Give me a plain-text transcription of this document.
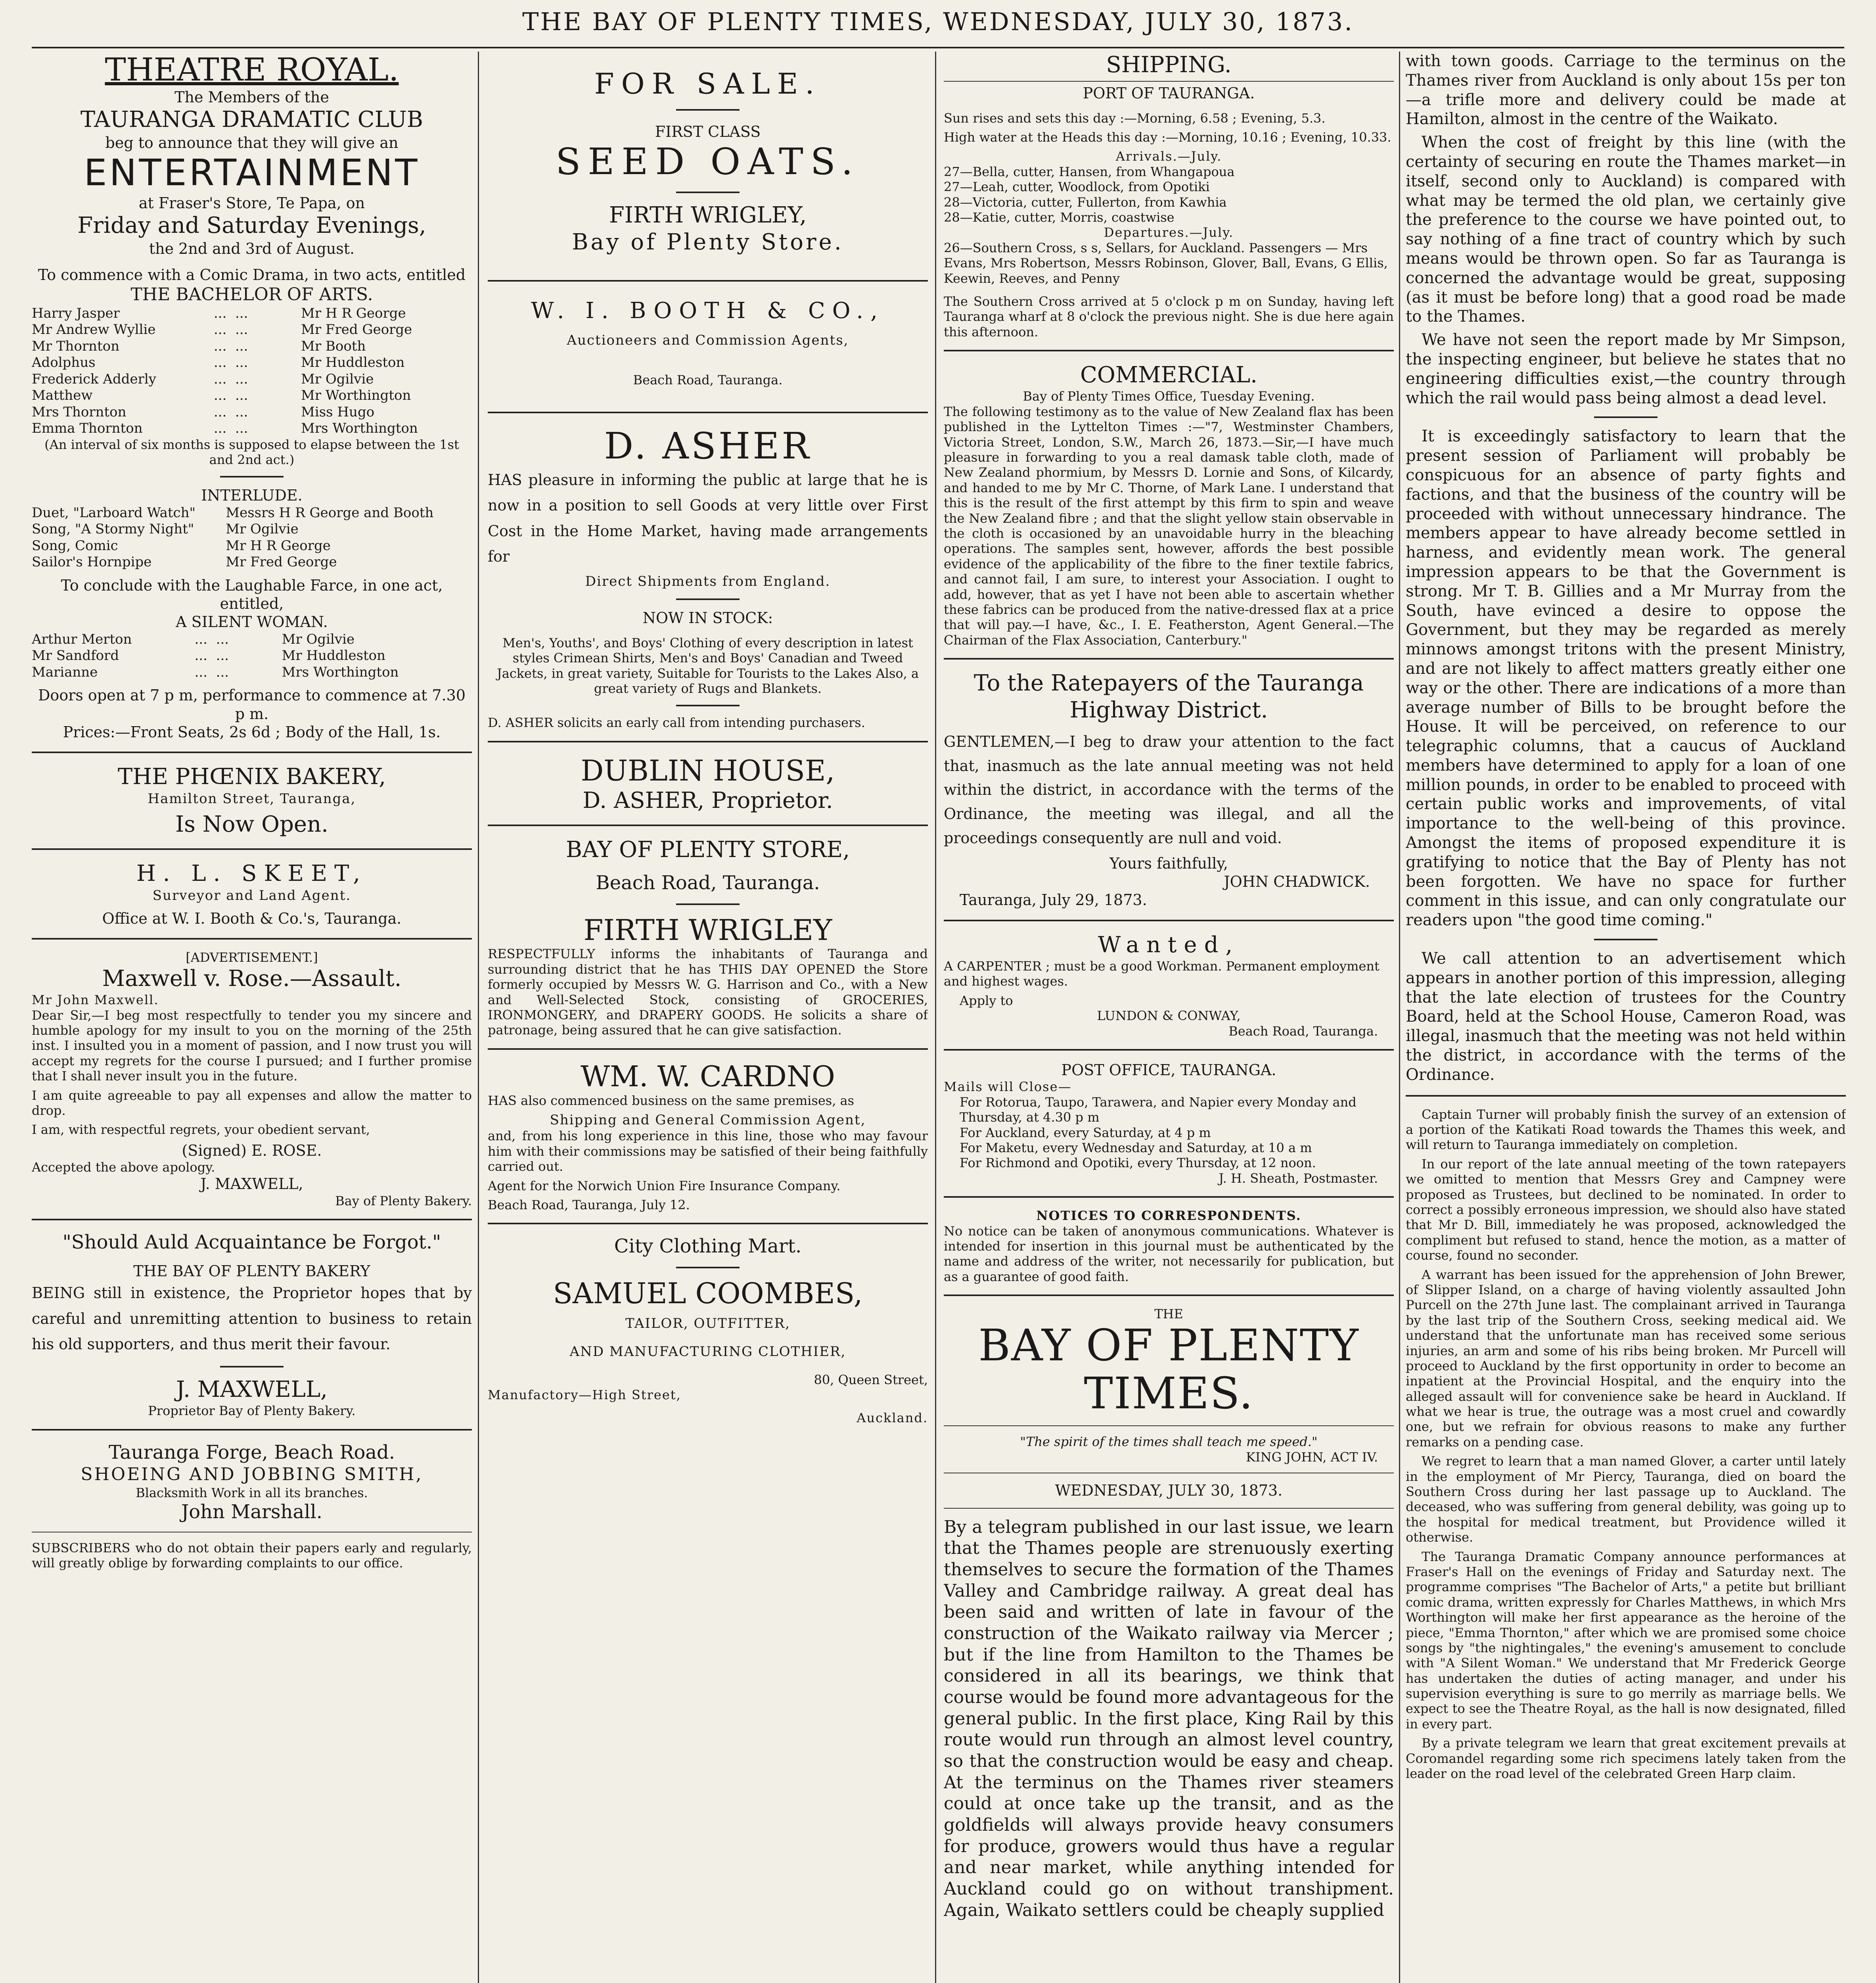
THE BAY OF PLENTY TIMES, WEDNESDAY, JULY 30, 1873.
THEATRE ROYAL.
The Members of the
TAURANGA DRAMATIC CLUB
beg to announce that they will give an
ENTERTAINMENT
at Fraser's Store, Te Papa, on
Friday and Saturday Evenings,
the 2nd and 3rd of August.
To commence with a Comic Drama, in two acts, entitled
THE BACHELOR OF ARTS.
Harry Jasper	...  ...	Mr H R George
Mr Andrew Wyllie	...  ...	Mr Fred George
Mr Thornton	...  ...	Mr Booth
Adolphus	...  ...	Mr Huddleston
Frederick Adderly	...  ...	Mr Ogilvie
Matthew	...  ...	Mr Worthington
Mrs Thornton	...  ...	Miss Hugo
Emma Thornton	...  ...	Mrs Worthington
(An interval of six months is supposed to elapse between the 1st and 2nd act.)
INTERLUDE.
Duet, "Larboard Watch"	Messrs H R George and Booth
Song, "A Stormy Night"	Mr Ogilvie
Song, Comic	Mr H R George
Sailor's Hornpipe	Mr Fred George
To conclude with the Laughable Farce, in one act, entitled,
A SILENT WOMAN.
Arthur Merton	...  ...	Mr Ogilvie
Mr Sandford	...  ...	Mr Huddleston
Marianne	...  ...	Mrs Worthington
Doors open at 7 p m, performance to commence at 7.30 p m.
Prices:—Front Seats, 2s 6d ; Body of the Hall, 1s.
THE PHŒNIX BAKERY,
Hamilton Street, Tauranga,
Is Now Open.
H. L. SKEET,
Surveyor and Land Agent.
Office at W. I. Booth & Co.'s, Tauranga.
[ADVERTISEMENT.]
Maxwell v. Rose.—Assault.
Mr John Maxwell.

Dear Sir,—I beg most respectfully to tender you my sincere and humble apology for my insult to you on the morning of the 25th inst. I insulted you in a moment of passion, and I now trust you will accept my regrets for the course I pursued; and I further promise that I shall never insult you in the future.

I am quite agreeable to pay all expenses and allow the matter to drop.

I am, with respectful regrets, your obedient servant,

(Signed) E. ROSE.
Accepted the above apology.
J. MAXWELL,
Bay of Plenty Bakery.
"Should Auld Acquaintance be Forgot."
THE BAY OF PLENTY BAKERY

BEING still in existence, the Proprietor hopes that by careful and unremitting attention to business to retain his old supporters, and thus merit their favour.

J. MAXWELL,
Proprietor Bay of Plenty Bakery.
Tauranga Forge, Beach Road.
SHOEING AND JOBBING SMITH,
Blacksmith Work in all its branches.
John Marshall.

SUBSCRIBERS who do not obtain their papers early and regularly, will greatly oblige by forwarding complaints to our office.

FOR SALE.
FIRST CLASS
SEED OATS.
FIRTH WRIGLEY,
Bay of Plenty Store.
W. I. BOOTH & CO.,
Auctioneers and Commission Agents,
Beach Road, Tauranga.
D. ASHER

HAS pleasure in informing the public at large that he is now in a position to sell Goods at very little over First Cost in the Home Market, having made arrangements for

Direct Shipments from England.
NOW IN STOCK:

Men's, Youths', and Boys' Clothing of every description in latest styles Crimean Shirts, Men's and Boys' Canadian and Tweed Jackets, in great variety, Suitable for Tourists to the Lakes Also, a great variety of Rugs and Blankets.

D. ASHER solicits an early call from intending purchasers.

DUBLIN HOUSE,
D. ASHER, Proprietor.
BAY OF PLENTY STORE,
Beach Road, Tauranga.
FIRTH WRIGLEY

RESPECTFULLY informs the inhabitants of Tauranga and surrounding district that he has THIS DAY OPENED the Store formerly occupied by Messrs W. G. Harrison and Co., with a New and Well-Selected Stock, consisting of GROCERIES, IRONMONGERY, and DRAPERY GOODS. He solicits a share of patronage, being assured that he can give satisfaction.

WM. W. CARDNO

HAS also commenced business on the same premises, as

Shipping and General Commission Agent,

and, from his long experience in this line, those who may favour him with their commissions may be satisfied of their being faithfully carried out.

Agent for the Norwich Union Fire Insurance Company.

Beach Road, Tauranga, July 12.

City Clothing Mart.
SAMUEL COOMBES,
TAILOR, OUTFITTER,
AND MANUFACTURING CLOTHIER,
80, Queen Street,
Manufactory—High Street,
Auckland.
SHIPPING.
PORT OF TAURANGA.

Sun rises and sets this day :—Morning, 6.58 ; Evening, 5.3.

High water at the Heads this day :—Morning, 10.16 ; Evening, 10.33.

Arrivals.—July.
27—Bella, cutter, Hansen, from Whangapoua
27—Leah, cutter, Woodlock, from Opotiki
28—Victoria, cutter, Fullerton, from Kawhia
28—Katie, cutter, Morris, coastwise
Departures.—July.

26—Southern Cross, s s, Sellars, for Auckland. Passengers — Mrs Evans, Mrs Robertson, Messrs Robinson, Glover, Ball, Evans, G Ellis, Keewin, Reeves, and Penny

The Southern Cross arrived at 5 o'clock p m on Sunday, having left Tauranga wharf at 8 o'clock the previous night. She is due here again this afternoon.

COMMERCIAL.
Bay of Plenty Times Office, Tuesday Evening.

The following testimony as to the value of New Zealand flax has been published in the Lyttelton Times :—"7, Westminster Chambers, Victoria Street, London, S.W., March 26, 1873.—Sir,—I have much pleasure in forwarding to you a real damask table cloth, made of New Zealand phormium, by Messrs D. Lornie and Sons, of Kilcardy, and handed to me by Mr C. Thorne, of Mark Lane. I understand that this is the result of the first attempt by this firm to spin and weave the New Zealand fibre ; and that the slight yellow stain observable in the cloth is occasioned by an unavoidable hurry in the bleaching operations. The samples sent, however, affords the best possible evidence of the applicability of the fibre to the finer textile fabrics, and cannot fail, I am sure, to interest your Association. I ought to add, however, that as yet I have not been able to ascertain whether these fabrics can be produced from the native-dressed flax at a price that will pay.—I have, &c., I. E. Featherston, Agent General.—The Chairman of the Flax Association, Canterbury."

To the Ratepayers of the Tauranga Highway District.

GENTLEMEN,—I beg to draw your attention to the fact that, inasmuch as the late annual meeting was not held within the district, in accordance with the terms of the Ordinance, the meeting was illegal, and all the proceedings consequently are null and void.

Yours faithfully,
JOHN CHADWICK.
Tauranga, July 29, 1873.
Wanted,

A CARPENTER ; must be a good Workman. Permanent employment and highest wages.

Apply to
LUNDON & CONWAY,
Beach Road, Tauranga.
POST OFFICE, TAURANGA.
Mails will Close—
For Rotorua, Taupo, Tarawera, and Napier every Monday and Thursday, at 4.30 p m
For Auckland, every Saturday, at 4 p m
For Maketu, every Wednesday and Saturday, at 10 a m
For Richmond and Opotiki, every Thursday, at 12 noon.
J. H. Sheath, Postmaster.
NOTICES TO CORRESPONDENTS.

No notice can be taken of anonymous communications. Whatever is intended for insertion in this journal must be authenticated by the name and address of the writer, not necessarily for publication, but as a guarantee of good faith.

THE
BAY OF PLENTY TIMES.
"The spirit of the times shall teach me speed."
KING JOHN, ACT IV.
WEDNESDAY, JULY 30, 1873.

By a telegram published in our last issue, we learn that the Thames people are strenuously exerting themselves to secure the formation of the Thames Valley and Cambridge railway. A great deal has been said and written of late in favour of the construction of the Waikato railway via Mercer ; but if the line from Hamilton to the Thames be considered in all its bearings, we think that course would be found more advantageous for the general public. In the first place, King Rail by this route would run through an almost level country, so that the construction would be easy and cheap. At the terminus on the Thames river steamers could at once take up the transit, and as the goldfields will always provide heavy consumers for produce, growers would thus have a regular and near market, while anything intended for Auckland could go on without transhipment. Again, Waikato settlers could be cheaply supplied

with town goods. Carriage to the terminus on the Thames river from Auckland is only about 15s per ton—a trifle more and delivery could be made at Hamilton, almost in the centre of the Waikato.

When the cost of freight by this line (with the certainty of securing en route the Thames market—in itself, second only to Auckland) is compared with what may be termed the old plan, we certainly give the preference to the course we have pointed out, to say nothing of a fine tract of country which by such means would be thrown open. So far as Tauranga is concerned the advantage would be great, supposing (as it must be before long) that a good road be made to the Thames.

We have not seen the report made by Mr Simpson, the inspecting engineer, but believe he states that no engineering difficulties exist,—the country through which the rail would pass being almost a dead level.

It is exceedingly satisfactory to learn that the present session of Parliament will probably be conspicuous for an absence of party fights and factions, and that the business of the country will be proceeded with without unnecessary hindrance. The members appear to have already become settled in harness, and evidently mean work. The general impression appears to be that the Government is strong. Mr T. B. Gillies and a Mr Murray from the South, have evinced a desire to oppose the Government, but they may be regarded as merely minnows amongst tritons with the present Ministry, and are not likely to affect matters greatly either one way or the other. There are indications of a more than average number of Bills to be brought before the House. It will be perceived, on reference to our telegraphic columns, that a caucus of Auckland members have determined to apply for a loan of one million pounds, in order to be enabled to proceed with certain public works and improvements, of vital importance to the well-being of this province. Amongst the items of proposed expenditure it is gratifying to notice that the Bay of Plenty has not been forgotten. We have no space for further comment in this issue, and can only congratulate our readers upon "the good time coming."

We call attention to an advertisement which appears in another portion of this impression, alleging that the late election of trustees for the Country Board, held at the School House, Cameron Road, was illegal, inasmuch that the meeting was not held within the district, in accordance with the terms of the Ordinance.

Captain Turner will probably finish the survey of an extension of a portion of the Katikati Road towards the Thames this week, and will return to Tauranga immediately on completion.

In our report of the late annual meeting of the town ratepayers we omitted to mention that Messrs Grey and Campney were proposed as Trustees, but declined to be nominated. In order to correct a possibly erroneous impression, we should also have stated that Mr D. Bill, immediately he was proposed, acknowledged the compliment but refused to stand, hence the motion, as a matter of course, found no seconder.

A warrant has been issued for the apprehension of John Brewer, of Slipper Island, on a charge of having violently assaulted John Purcell on the 27th June last. The complainant arrived in Tauranga by the last trip of the Southern Cross, seeking medical aid. We understand that the unfortunate man has received some serious injuries, an arm and some of his ribs being broken. Mr Purcell will proceed to Auckland by the first opportunity in order to become an inpatient at the Provincial Hospital, and the enquiry into the alleged assault will for convenience sake be heard in Auckland. If what we hear is true, the outrage was a most cruel and cowardly one, but we refrain for obvious reasons to make any further remarks on a pending case.

We regret to learn that a man named Glover, a carter until lately in the employment of Mr Piercy, Tauranga, died on board the Southern Cross during her last passage up to Auckland. The deceased, who was suffering from general debility, was going up to the hospital for medical treatment, but Providence willed it otherwise.

The Tauranga Dramatic Company announce performances at Fraser's Hall on the evenings of Friday and Saturday next. The programme comprises "The Bachelor of Arts," a petite but brilliant comic drama, written expressly for Charles Matthews, in which Mrs Worthington will make her first appearance as the heroine of the piece, "Emma Thornton," after which we are promised some choice songs by "the nightingales," the evening's amusement to conclude with "A Silent Woman." We understand that Mr Frederick George has undertaken the duties of acting manager, and under his supervision everything is sure to go merrily as marriage bells. We expect to see the Theatre Royal, as the hall is now designated, filled in every part.

By a private telegram we learn that great excitement prevails at Coromandel regarding some rich specimens lately taken from the leader on the road level of the celebrated Green Harp claim.
